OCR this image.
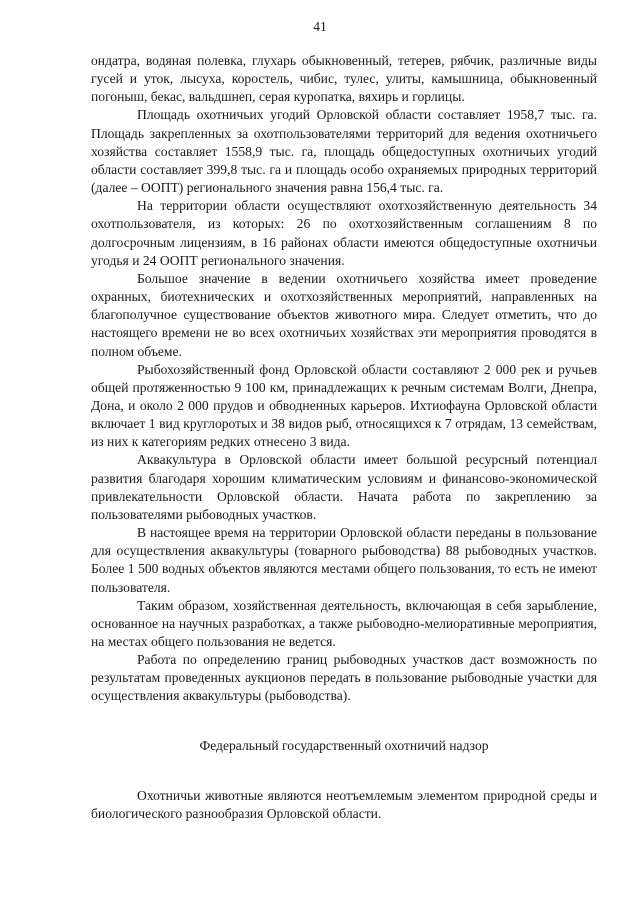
41

ондатра, водяная полевка, глухарь обыкновенный, тетерев, рябчик, различные виды гусей и уток, лысуха, коростель, чибис, тулес, улиты, камышница, обыкновенный погоныш, бекас, вальдшнеп, серая куропатка, вяхирь и горлицы.

Площадь охотничьих угодий Орловской области составляет 1958,7 тыс. га. Площадь закрепленных за охотпользователями территорий для ведения охотничьего хозяйства составляет 1558,9 тыс. га, площадь общедоступных охотничьих угодий области составляет 399,8 тыс. га и площадь особо охраняемых природных территорий (далее – ООПТ) регионального значения равна 156,4 тыс. га.

На территории области осуществляют охотхозяйственную деятельность 34 охотпользователя, из которых: 26 по охотхозяйственным соглашениям 8 по долгосрочным лицензиям, в 16 районах области имеются общедоступные охотничьи угодья и 24 ООПТ регионального значения.

Большое значение в ведении охотничьего хозяйства имеет проведение охранных, биотехнических и охотхозяйственных мероприятий, направленных на благополучное существование объектов животного мира. Следует отметить, что до настоящего времени не во всех охотничьих хозяйствах эти мероприятия проводятся в полном объеме.

Рыбохозяйственный фонд Орловской области составляют 2 000 рек и ручьев общей протяженностью 9 100 км, принадлежащих к речным системам Волги, Днепра, Дона, и около 2 000 прудов и обводненных карьеров. Ихтиофауна Орловской области включает 1 вид круглоротых и 38 видов рыб, относящихся к 7 отрядам, 13 семействам, из них к категориям редких отнесено 3 вида.

Аквакультура в Орловской области имеет большой ресурсный потенциал развития благодаря хорошим климатическим условиям и финансово-экономической привлекательности Орловской области. Начата работа по закреплению за пользователями рыбоводных участков.

В настоящее время на территории Орловской области переданы в пользование для осуществления аквакультуры (товарного рыбоводства) 88 рыбоводных участков. Более 1 500 водных объектов являются местами общего пользования, то есть не имеют пользователя.

Таким образом, хозяйственная деятельность, включающая в себя зарыбление, основанное на научных разработках, а также рыбоводно-мелиоративные мероприятия, на местах общего пользования не ведется.

Работа по определению границ рыбоводных участков даст возможность по результатам проведенных аукционов передать в пользование рыбоводные участки для осуществления аквакультуры (рыбоводства).

Федеральный государственный охотничий надзор

Охотничьи животные являются неотъемлемым элементом природной среды и биологического разнообразия Орловской области.
